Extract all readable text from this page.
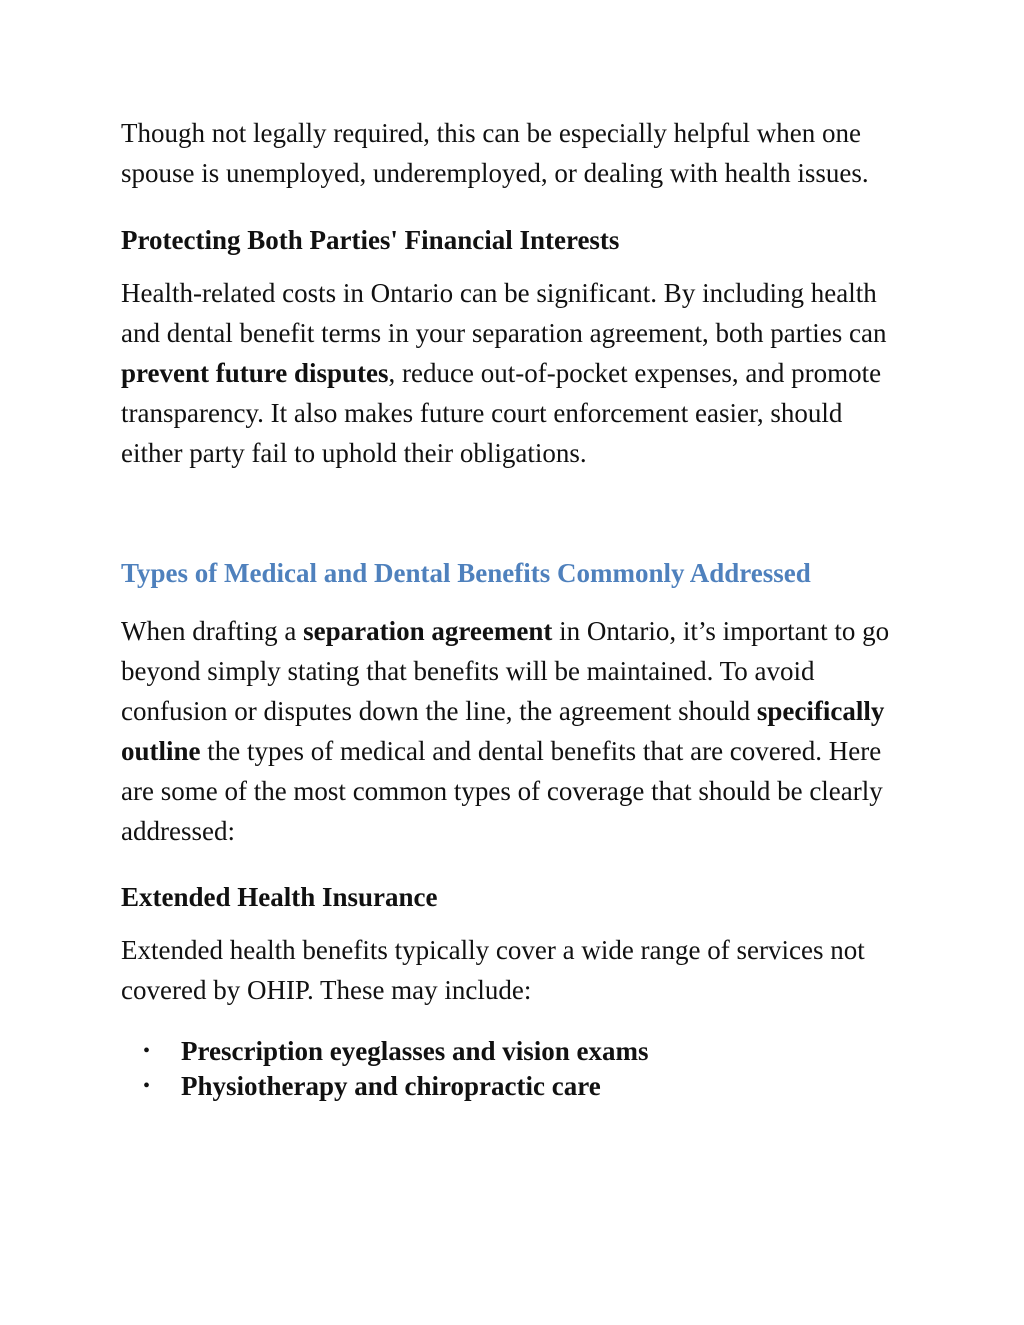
Though not legally required, this can be especially helpful when one spouse is unemployed, underemployed, or dealing with health issues.

Protecting Both Parties' Financial Interests

Health-related costs in Ontario can be significant. By including health and dental benefit terms in your separation agreement, both parties can prevent future disputes, reduce out-of-pocket expenses, and promote transparency. It also makes future court enforcement easier, should either party fail to uphold their obligations.

Types of Medical and Dental Benefits Commonly Addressed

When drafting a separation agreement in Ontario, it’s important to go beyond simply stating that benefits will be maintained. To avoid confusion or disputes down the line, the agreement should specifically outline the types of medical and dental benefits that are covered. Here are some of the most common types of coverage that should be clearly addressed:

Extended Health Insurance

Extended health benefits typically cover a wide range of services not covered by OHIP. These may include:

• Prescription eyeglasses and vision exams
• Physiotherapy and chiropractic care
